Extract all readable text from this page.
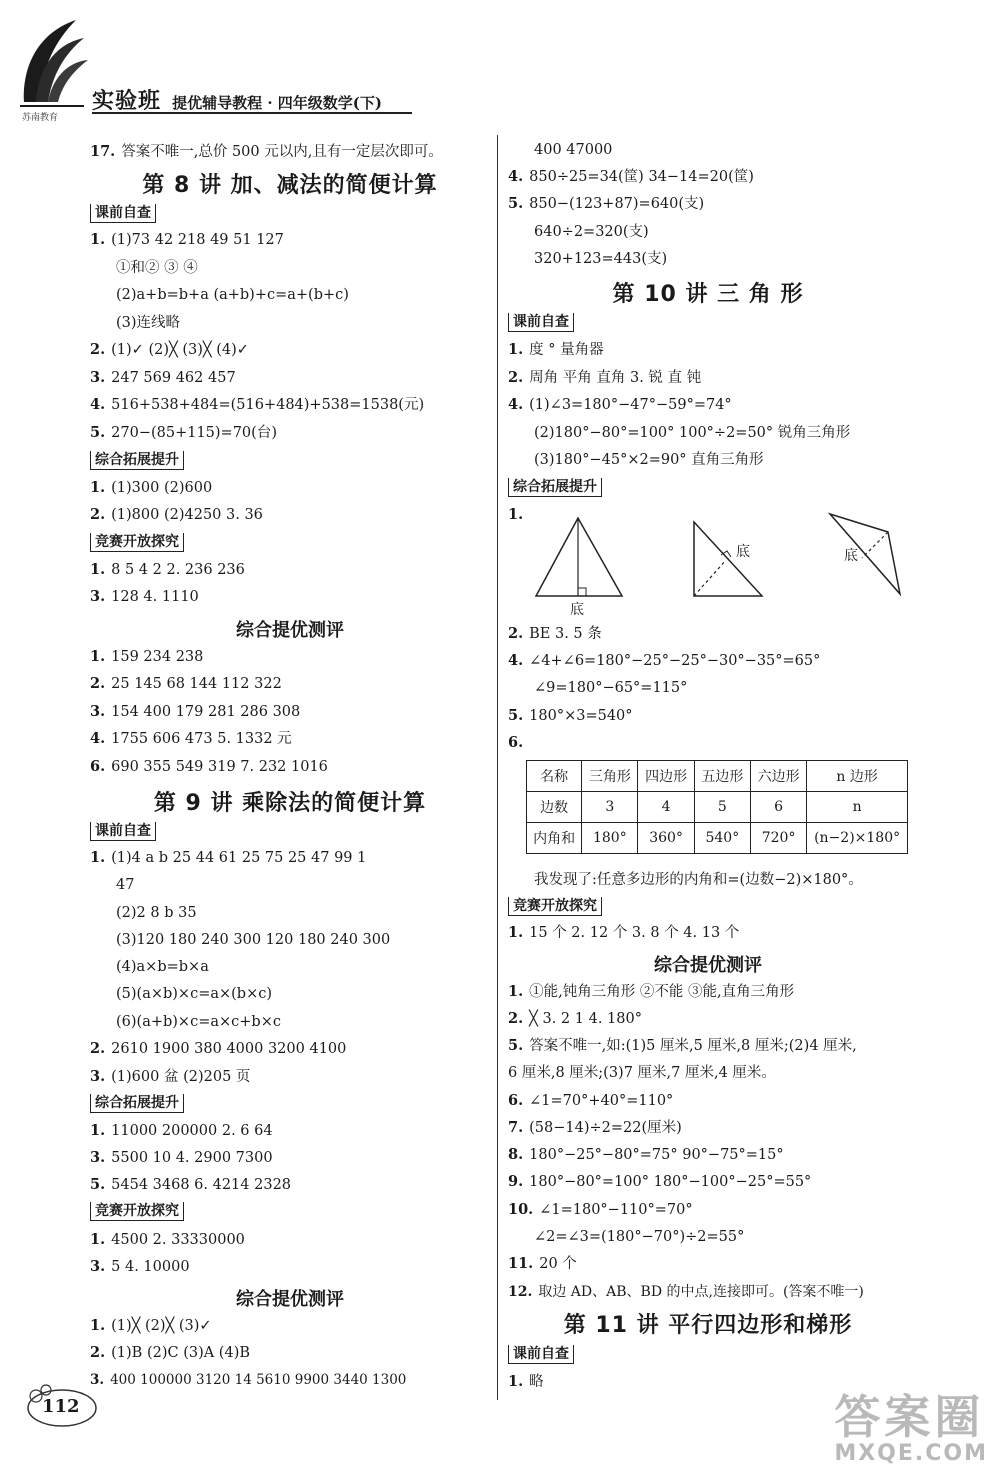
苏南教育
实验班 提优辅导教程 · 四年级数学(下)
17. 答案不唯一,总价 500 元以内,且有一定层次即可。
第 8 讲 加、减法的简便计算
课前自查
1. (1)73 42 218 49 51 127
①和② ③ ④
(2)a+b=b+a (a+b)+c=a+(b+c)
(3)连线略
2. (1)✓ (2)╳ (3)╳ (4)✓
3. 247 569 462 457
4. 516+538+484=(516+484)+538=1538(元)
5. 270−(85+115)=70(台)
综合拓展提升
1. (1)300 (2)600
2. (1)800 (2)4250 3. 36
竞赛开放探究
1. 8 5 4 2 2. 236 236
3. 128 4. 1110
综合提优测评
1. 159 234 238
2. 25 145 68 144 112 322
3. 154 400 179 281 286 308
4. 1755 606 473 5. 1332 元
6. 690 355 549 319 7. 232 1016
第 9 讲 乘除法的简便计算
课前自查
1. (1)4 a b 25 44 61 25 75 25 47 99 1
47
(2)2 8 b 35
(3)120 180 240 300 120 180 240 300
(4)a×b=b×a
(5)(a×b)×c=a×(b×c)
(6)(a+b)×c=a×c+b×c
2. 2610 1900 380 4000 3200 4100
3. (1)600 盆 (2)205 页
综合拓展提升
1. 11000 200000 2. 6 64
3. 5500 10 4. 2900 7300
5. 5454 3468 6. 4214 2328
竞赛开放探究
1. 4500 2. 33330000
3. 5 4. 10000
综合提优测评
1. (1)╳ (2)╳ (3)✓
2. (1)B (2)C (3)A (4)B
3. 400 100000 3120 14 5610 9900 3440 1300
400 47000
4. 850÷25=34(筐) 34−14=20(筐)
5. 850−(123+87)=640(支)
640÷2=320(支)
320+123=443(支)
第 10 讲 三 角 形
课前自查
1. 度 ° 量角器
2. 周角 平角 直角 3. 锐 直 钝
4. (1)∠3=180°−47°−59°=74°
(2)180°−80°=100° 100°÷2=50° 锐角三角形
(3)180°−45°×2=90° 直角三角形
综合拓展提升
1.
底
底	底
2. BE 3. 5 条
4. ∠4+∠6=180°−25°−25°−30°−35°=65°
∠9=180°−65°=115°
5. 180°×3=540°
6.
名称	三角形	四边形	五边形	六边形	n 边形
边数	3	4	5	6	n
内角和	180°	360°	540°	720°	(n−2)×180°
我发现了:任意多边形的内角和=(边数−2)×180°。
竞赛开放探究
1. 15 个 2. 12 个 3. 8 个 4. 13 个
综合提优测评
1. ①能,钝角三角形 ②不能 ③能,直角三角形
2. ╳ 3. 2 1 4. 180°
5. 答案不唯一,如:(1)5 厘米,5 厘米,8 厘米;(2)4 厘米,
6 厘米,8 厘米;(3)7 厘米,7 厘米,4 厘米。
6. ∠1=70°+40°=110°
7. (58−14)÷2=22(厘米)
8. 180°−25°−80°=75° 90°−75°=15°
9. 180°−80°=100° 180°−100°−25°=55°
10. ∠1=180°−110°=70°
∠2=∠3=(180°−70°)÷2=55°
11. 20 个
12. 取边 AD、AB、BD 的中点,连接即可。(答案不唯一)
第 11 讲 平行四边形和梯形
课前自查
1. 略
112	答案圈
MXQE.COM
